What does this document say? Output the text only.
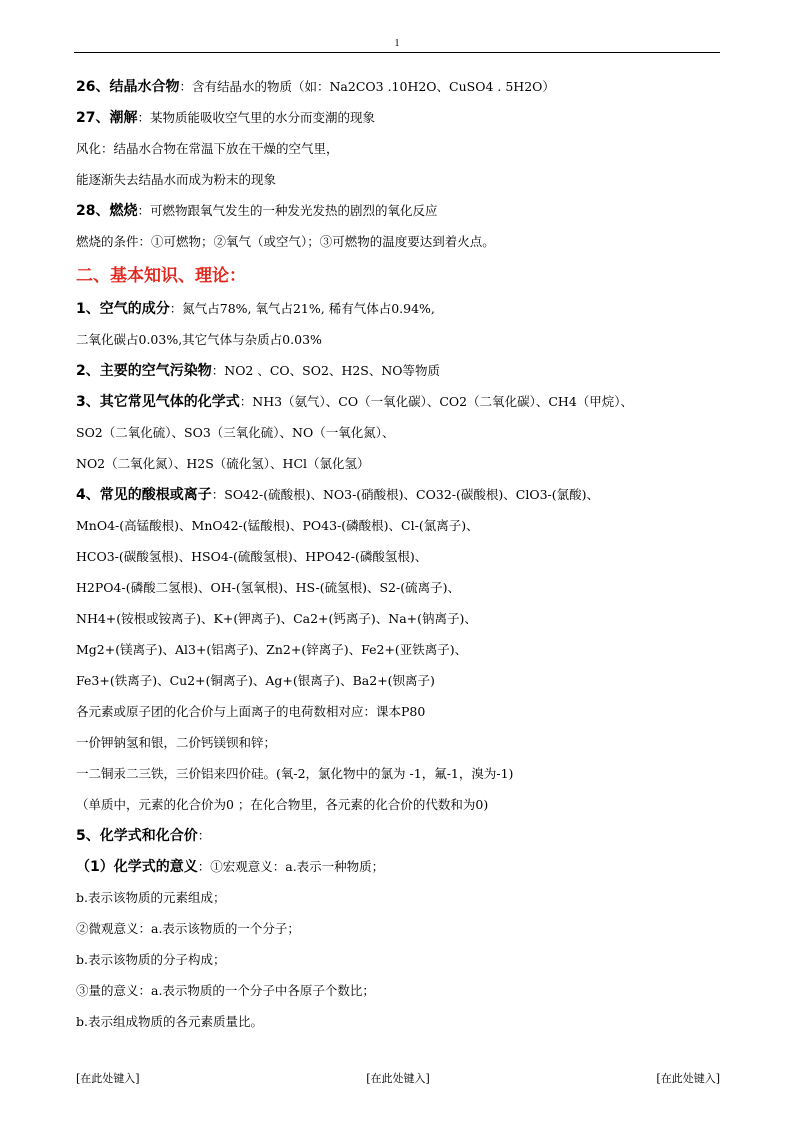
1
26、结晶水合物：含有结晶水的物质（如：Na2CO3 .10H2O、CuSO4 . 5H2O）
27、潮解：某物质能吸收空气里的水分而变潮的现象
风化：结晶水合物在常温下放在干燥的空气里，
能逐渐失去结晶水而成为粉末的现象
28、燃烧：可燃物跟氧气发生的一种发光发热的剧烈的氧化反应
燃烧的条件：①可燃物；②氧气（或空气）；③可燃物的温度要达到着火点。
二、基本知识、理论：
1、空气的成分：氮气占78%, 氧气占21%, 稀有气体占0.94%,
二氧化碳占0.03%,其它气体与杂质占0.03%
2、主要的空气污染物：NO2 、CO、SO2、H2S、NO等物质
3、其它常见气体的化学式：NH3（氨气）、CO（一氧化碳）、CO2（二氧化碳）、CH4（甲烷）、
SO2（二氧化硫）、SO3（三氧化硫）、NO（一氧化氮）、
NO2（二氧化氮）、H2S（硫化氢）、HCl（氯化氢）
4、常见的酸根或离子：SO42-(硫酸根)、NO3-(硝酸根)、CO32-(碳酸根)、ClO3-(氯酸)、
MnO4-(高锰酸根)、MnO42-(锰酸根)、PO43-(磷酸根)、Cl-(氯离子)、
HCO3-(碳酸氢根)、HSO4-(硫酸氢根)、HPO42-(磷酸氢根)、
H2PO4-(磷酸二氢根)、OH-(氢氧根)、HS-(硫氢根)、S2-(硫离子)、
NH4+(铵根或铵离子)、K+(钾离子)、Ca2+(钙离子)、Na+(钠离子)、
Mg2+(镁离子)、Al3+(铝离子)、Zn2+(锌离子)、Fe2+(亚铁离子)、
Fe3+(铁离子)、Cu2+(铜离子)、Ag+(银离子)、Ba2+(钡离子)
各元素或原子团的化合价与上面离子的电荷数相对应：课本P80
一价钾钠氢和银，二价钙镁钡和锌；
一二铜汞二三铁，三价铝来四价硅。(氧-2，氯化物中的氯为 -1，氟-1，溴为-1)
（单质中，元素的化合价为0 ；在化合物里，各元素的化合价的代数和为0)
5、化学式和化合价：
（1）化学式的意义：①宏观意义：a.表示一种物质；
b.表示该物质的元素组成；
②微观意义：a.表示该物质的一个分子；
b.表示该物质的分子构成；
③量的意义：a.表示物质的一个分子中各原子个数比；
b.表示组成物质的各元素质量比。
[在此处键入]	[在此处键入]	[在此处键入]
